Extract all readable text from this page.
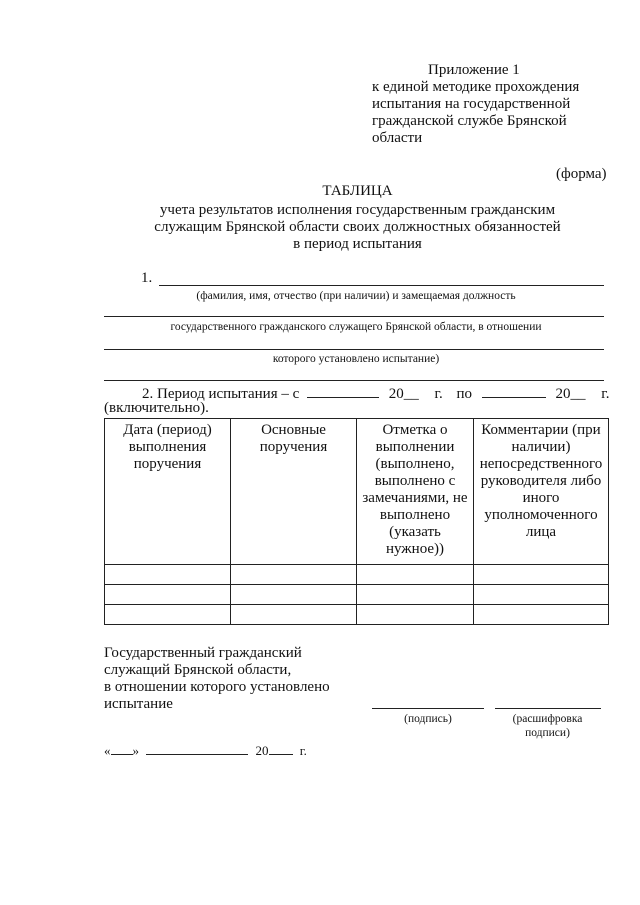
Приложение 1
к единой методике прохождения
испытания на государственной
гражданской службе Брянской
области
(форма)
ТАБЛИЦА
учета результатов исполнения государственным гражданским
служащим Брянской области своих должностных обязанностей
в период испытания
1.
(фамилия, имя, отчество (при наличии) и замещаемая должность
государственного гражданского служащего Брянской области, в отношении
которого установлено испытание)
2. Период испытания – с	20__ г. по	20__ г.
(включительно).
Дата (период) выполнения поручения	Основные поручения	Отметка о выполнении (выполнено, выполнено с замечаниями, не выполнено (указать нужное))	Комментарии (при наличии) непосредственного руководителя либо иного уполномоченного лица

Государственный гражданский
служащий Брянской области,
в отношении которого установлено
испытание
(подпись)	(расшифровка
подписи)
« »	20 г.
